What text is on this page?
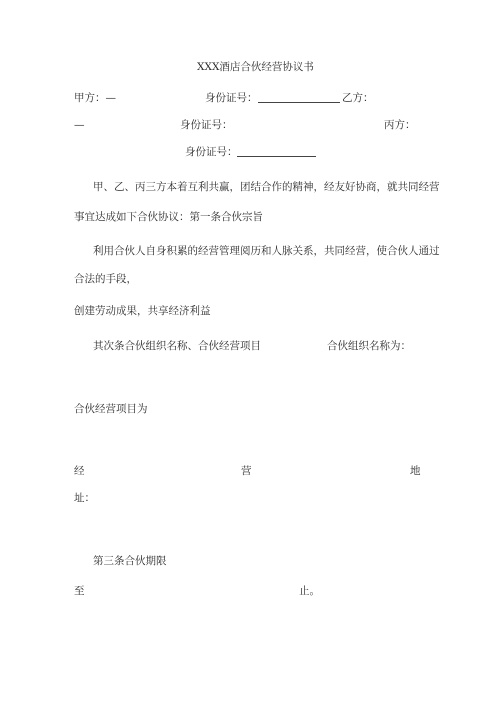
XXX酒店合伙经营协议书
甲方：—	身份证号：	乙方：
—	身份证号：	丙方：
身份证号：
甲、乙、丙三方本着互利共赢，团结合作的精神，经友好协商，就共同经营
事宜达成如下合伙协议：第一条合伙宗旨
利用合伙人自身积累的经营管理阅历和人脉关系，共同经营，使合伙人通过
合法的手段，
创建劳动成果，共享经济利益
其次条合伙组织名称、合伙经营项目	合伙组织名称为：
合伙经营项目为
经	营	地
址：
第三条合伙期限
至	止。
